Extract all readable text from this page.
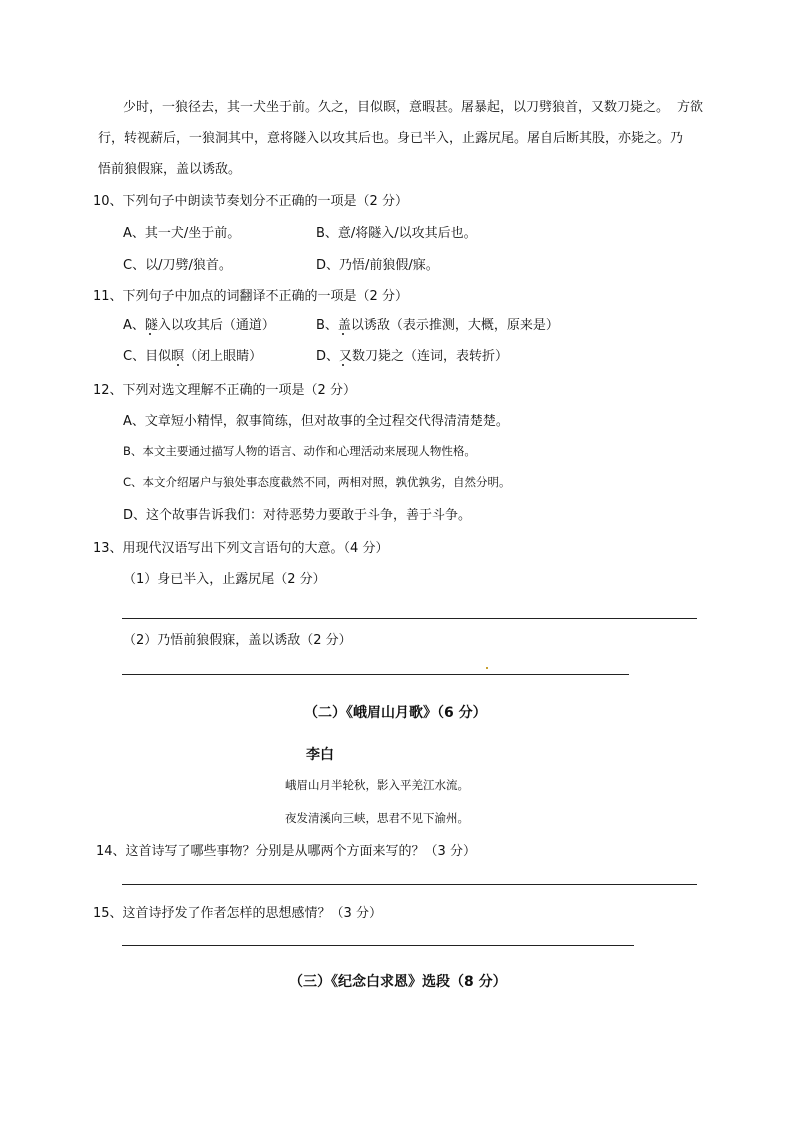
少时，一狼径去，其一犬坐于前。久之，目似瞑，意暇甚。屠暴起，以刀劈狼首，又数刀毙之。 方欲
行，转视薪后，一狼洞其中，意将隧入以攻其后也。身已半入，止露尻尾。屠自后断其股，亦毙之。乃
悟前狼假寐，盖以诱敌。
10、下列句子中朗读节奏划分不正确的一项是（2 分）
A、其一犬/坐于前。	B、意/将隧入/以攻其后也。
C、以/刀劈/狼首。	D、乃悟/前狼假/寐。
11、下列句子中加点的词翻译不正确的一项是（2 分）
A、隧入以攻其后（通道）	B、盖以诱敌（表示推测，大概，原来是）
C、目似瞑（闭上眼睛）	D、又数刀毙之（连词，表转折）
12、下列对选文理解不正确的一项是（2 分）
A、文章短小精悍，叙事简练，但对故事的全过程交代得清清楚楚。
B、本文主要通过描写人物的语言、动作和心理活动来展现人物性格。
C、本文介绍屠户与狼处事态度截然不同，两相对照，孰优孰劣，自然分明。
D、这个故事告诉我们：对待恶势力要敢于斗争，善于斗争。
13、用现代汉语写出下列文言语句的大意。（4 分）
（1）身已半入，止露尻尾（2 分）
（2）乃悟前狼假寐，盖以诱敌（2 分）
（二）《峨眉山月歌》（6 分）
李白
峨眉山月半轮秋，影入平羌江水流。
夜发清溪向三峡，思君不见下渝州。
14、这首诗写了哪些事物？分别是从哪两个方面来写的？（3 分）
15、这首诗抒发了作者怎样的思想感情？（3 分）
（三）《纪念白求恩》选段（8 分）
